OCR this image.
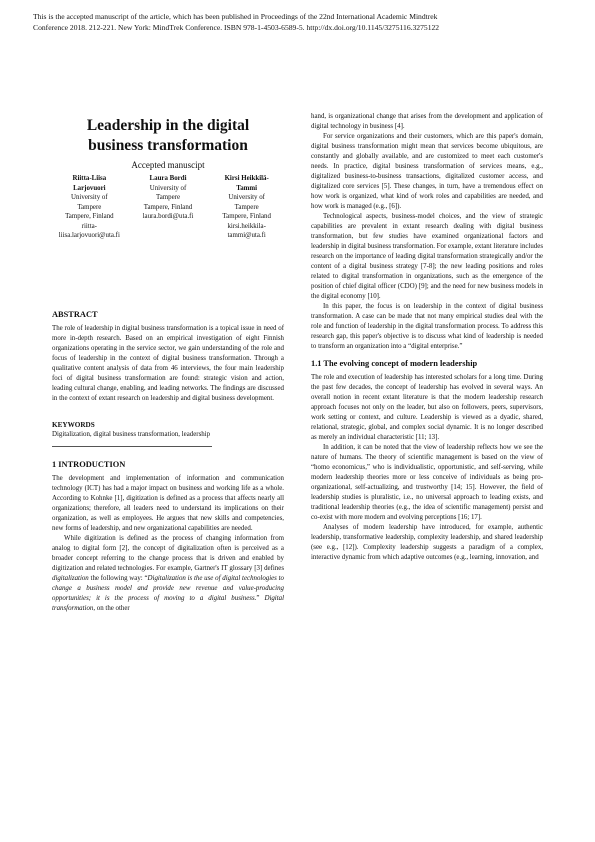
This is the accepted manuscript of the article, which has been published in Proceedings of the 22nd International Academic Mindtrek
Conference 2018. 212-221. New York: MindTrek Conference. ISBN 978-1-4503-6589-5. http://dx.doi.org/10.1145/3275116.3275122
Leadership in the digital
business transformation
Accepted manuscipt
Riitta-Liisa
Larjovuori
University of
Tampere
Tampere, Finland
riitta-
liisa.larjovuori@uta.fi
Laura Bordi
University of
Tampere
Tampere, Finland
laura.bordi@uta.fi
Kirsi Heikkilä-
Tammi
University of
Tampere
Tampere, Finland
kirsi.heikkila-
tammi@uta.fi
ABSTRACT

The role of leadership in digital business transformation is a topical issue in need of more in-depth research. Based on an empirical investigation of eight Finnish organizations operating in the service sector, we gain understanding of the role and focus of leadership in the context of digital business transformation. Through a qualitative content analysis of data from 46 interviews, the four main leadership foci of digital business transformation are found: strategic vision and action, leading cultural change, enabling, and leading networks. The findings are discussed in the context of extant research on leadership and digital business development.

KEYWORDS

Digitalization, digital business transformation, leadership

1 INTRODUCTION

The development and implementation of information and communication technology (ICT) has had a major impact on business and working life as a whole. According to Kohnke [1], digitization is defined as a process that affects nearly all organizations; therefore, all leaders need to understand its implications on their organization, as well as employees. He argues that new skills and competencies, new forms of leadership, and new organizational capabilities are needed.

While digitization is defined as the process of changing information from analog to digital form [2], the concept of digitalization often is perceived as a broader concept referring to the change process that is driven and enabled by digitization and related technologies. For example, Gartner's IT glossary [3] defines digitalization the following way: “Digitalization is the use of digital technologies to change a business model and provide new revenue and value-producing opportunities; it is the process of moving to a digital business.” Digital transformation, on the other

hand, is organizational change that arises from the development and application of digital technology in business [4].

For service organizations and their customers, which are this paper's domain, digital business transformation might mean that services become ubiquitous, are constantly and globally available, and are customized to meet each customer's needs. In practice, digital business transformation of services means, e.g., digitalized business-to-business transactions, digitalized customer access, and digitalized core services [5]. These changes, in turn, have a tremendous effect on how work is organized, what kind of work roles and capabilities are needed, and how work is managed (e.g., [6]).

Technological aspects, business-model choices, and the view of strategic capabilities are prevalent in extant research dealing with digital business transformation, but few studies have examined organizational factors and leadership in digital business transformation. For example, extant literature includes research on the importance of leading digital transformation strategically and/or the content of a digital business strategy [7-8]; the new leading positions and roles related to digital transformation in organizations, such as the emergence of the position of chief digital officer (CDO) [9]; and the need for new business models in the digital economy [10].

In this paper, the focus is on leadership in the context of digital business transformation. A case can be made that not many empirical studies deal with the role and function of leadership in the digital transformation process. To address this research gap, this paper's objective is to discuss what kind of leadership is needed to transform an organization into a “digital enterprise.”

1.1 The evolving concept of modern leadership

The role and execution of leadership has interested scholars for a long time. During the past few decades, the concept of leadership has evolved in several ways. An overall notion in recent extant literature is that the modern leadership research approach focuses not only on the leader, but also on followers, peers, supervisors, work setting or context, and culture. Leadership is viewed as a dyadic, shared, relational, strategic, global, and complex social dynamic. It is no longer described as merely an individual characteristic [11; 13].

In addition, it can be noted that the view of leadership reflects how we see the nature of humans. The theory of scientific management is based on the view of “homo economicus,” who is individualistic, opportunistic, and self-serving, while modern leadership theories more or less conceive of individuals as being pro-organizational, self-actualizing, and trustworthy [14; 15]. However, the field of leadership studies is pluralistic, i.e., no universal approach to leading exists, and traditional leadership theories (e.g., the idea of scientific management) persist and co-exist with more modern and evolving perceptions [16; 17].

Analyses of modern leadership have introduced, for example, authentic leadership, transformative leadership, complexity leadership, and shared leadership (see e.g., [12]). Complexity leadership suggests a paradigm of a complex, interactive dynamic from which adaptive outcomes (e.g., learning, innovation, and
